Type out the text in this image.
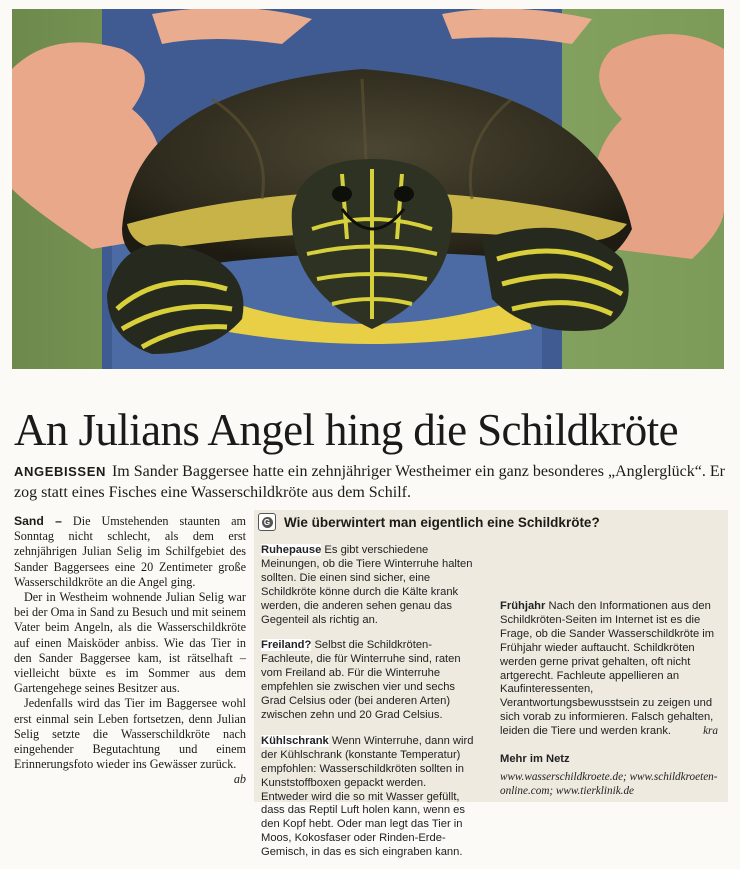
An Julians Angel hing die Schildkröte
ANGEBISSEN Im Sander Baggersee hatte ein zehnjähriger Westheimer ein ganz besonderes „Anglerglück“. Er zog statt eines Fisches eine Wasserschildkröte aus dem Schilf.

Sand – Die Umstehenden staunten am Sonntag nicht schlecht, als dem erst zehnjährigen Julian Selig im Schilfgebiet des Sander Baggersees eine 20 Zentimeter große Wasserschildkröte an die Angel ging.

Der in Westheim wohnende Julian Selig war bei der Oma in Sand zu Besuch und mit seinem Vater beim Angeln, als die Wasserschildkröte auf einen Maisköder anbiss. Wie das Tier in den Sander Baggersee kam, ist rätselhaft – vielleicht büxte es im Sommer aus dem Gartengehege seines Besitzer aus.

Jedenfalls wird das Tier im Baggersee wohl erst einmal sein Leben fortsetzen, denn Julian Selig setzte die Wasserschildkröte nach eingehender Begutachtung und einem Erinnerungsfoto wieder ins Gewässer zurück.
ab

G Wie überwintert man eigentlich eine Schildkröte?

Ruhepause Es gibt verschiedene Meinungen, ob die Tiere Winterruhe halten sollten. Die einen sind sicher, eine Schildkröte könne durch die Kälte krank werden, die anderen sehen genau das Gegenteil als richtig an.

Freiland? Selbst die Schildkröten-Fachleute, die für Winterruhe sind, raten vom Freiland ab. Für die Winterruhe empfehlen sie zwischen vier und sechs Grad Celsius oder (bei anderen Arten) zwischen zehn und 20 Grad Celsius.

Kühlschrank Wenn Winterruhe, dann wird der Kühlschrank (konstante Temperatur) empfohlen: Wasserschildkröten sollten in Kunststoffboxen gepackt werden. Entweder wird die so mit Wasser gefüllt, dass das Reptil Luft holen kann, wenn es den Kopf hebt. Oder man legt das Tier in Moos, Kokosfaser oder Rinden-Erde-Gemisch, in das es sich eingraben kann.

Frühjahr Nach den Informationen aus den Schildkröten-Seiten im Internet ist es die Frage, ob die Sander Wasserschildkröte im Frühjahr wieder auftaucht. Schildkröten werden gerne privat gehalten, oft nicht artgerecht. Fachleute appellieren an Kaufinteressenten, Verantwortungsbewusstsein zu zeigen und sich vorab zu informieren. Falsch gehalten, leiden die Tiere und werden krank.	kra

Mehr im Netz

www.wasserschildkroete.de; www.schildkroeten-online.com; www.tierklinik.de
